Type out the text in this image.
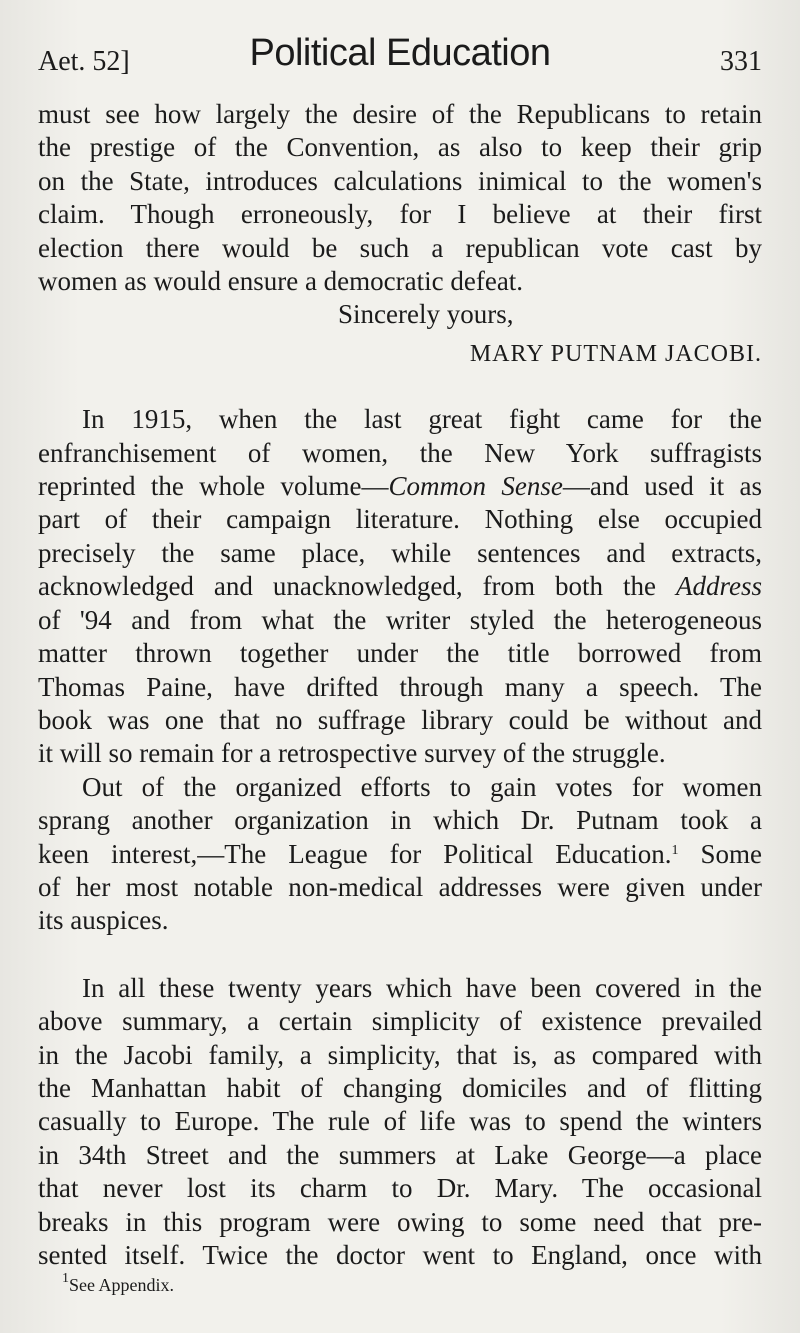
Aet. 52]	Political Education	331
must see how largely the desire of the Republicans to retain
the prestige of the Convention, as also to keep their grip
on the State, introduces calculations inimical to the women's
claim. Though erroneously, for I believe at their first
election there would be such a republican vote cast by
women as would ensure a democratic defeat.
Sincerely yours,
MARY PUTNAM JACOBI.
In 1915, when the last great fight came for the
enfranchisement of women, the New York suffragists
reprinted the whole volume—Common Sense—and used it as
part of their campaign literature. Nothing else occupied
precisely the same place, while sentences and extracts,
acknowledged and unacknowledged, from both the Address
of '94 and from what the writer styled the heterogeneous
matter thrown together under the title borrowed from
Thomas Paine, have drifted through many a speech. The
book was one that no suffrage library could be without and
it will so remain for a retrospective survey of the struggle.
Out of the organized efforts to gain votes for women
sprang another organization in which Dr. Putnam took a
keen interest,—The League for Political Education.$^1$ Some
of her most notable non-medical addresses were given under
its auspices.
In all these twenty years which have been covered in the
above summary, a certain simplicity of existence prevailed
in the Jacobi family, a simplicity, that is, as compared with
the Manhattan habit of changing domiciles and of flitting
casually to Europe. The rule of life was to spend the winters
in 34th Street and the summers at Lake George—a place
that never lost its charm to Dr. Mary. The occasional
breaks in this program were owing to some need that pre-
sented itself. Twice the doctor went to England, once with
$^1$See Appendix.
